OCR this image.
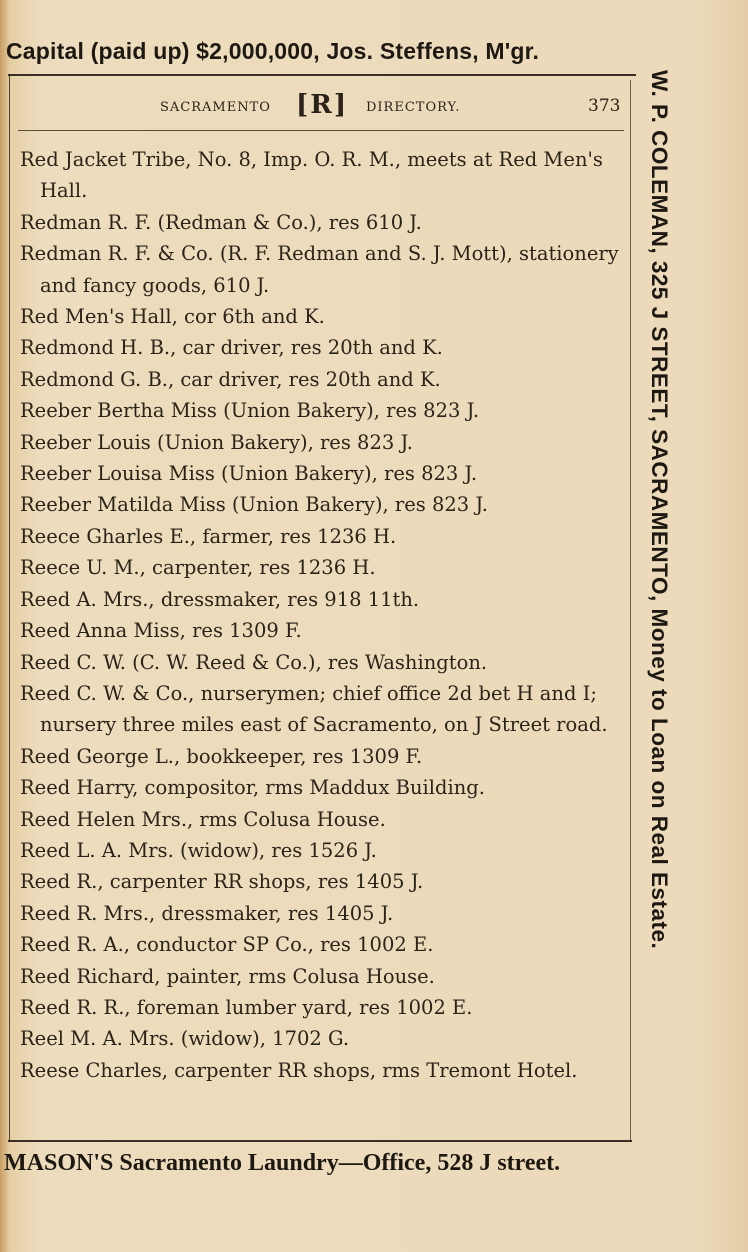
Capital (paid up) $2,000,000, Jos. Steffens, M'gr.
SACRAMENTO [R] DIRECTORY.	373

Red Jacket Tribe, No. 8, Imp. O. R. M., meets at Red Men's Hall.

Redman R. F. (Redman & Co.), res 610 J.

Redman R. F. & Co. (R. F. Redman and S. J. Mott), stationery and fancy goods, 610 J.

Red Men's Hall, cor 6th and K.

Redmond H. B., car driver, res 20th and K.

Redmond G. B., car driver, res 20th and K.

Reeber Bertha Miss (Union Bakery), res 823 J.

Reeber Louis (Union Bakery), res 823 J.

Reeber Louisa Miss (Union Bakery), res 823 J.

Reeber Matilda Miss (Union Bakery), res 823 J.

Reece Gharles E., farmer, res 1236 H.

Reece U. M., carpenter, res 1236 H.

Reed A. Mrs., dressmaker, res 918 11th.

Reed Anna Miss, res 1309 F.

Reed C. W. (C. W. Reed & Co.), res Washington.

Reed C. W. & Co., nurserymen; chief office 2d bet H and I; nursery three miles east of Sacramento, on J Street road.

Reed George L., bookkeeper, res 1309 F.

Reed Harry, compositor, rms Maddux Building.

Reed Helen Mrs., rms Colusa House.

Reed L. A. Mrs. (widow), res 1526 J.

Reed R., carpenter RR shops, res 1405 J.

Reed R. Mrs., dressmaker, res 1405 J.

Reed R. A., conductor SP Co., res 1002 E.

Reed Richard, painter, rms Colusa House.

Reed R. R., foreman lumber yard, res 1002 E.

Reel M. A. Mrs. (widow), 1702 G.

Reese Charles, carpenter RR shops, rms Tremont Hotel.

MASON'S Sacramento Laundry—Office, 528 J street.
W. P. COLEMAN, 325 J STREET, SACRAMENTO, Money to Loan on Real Estate.
